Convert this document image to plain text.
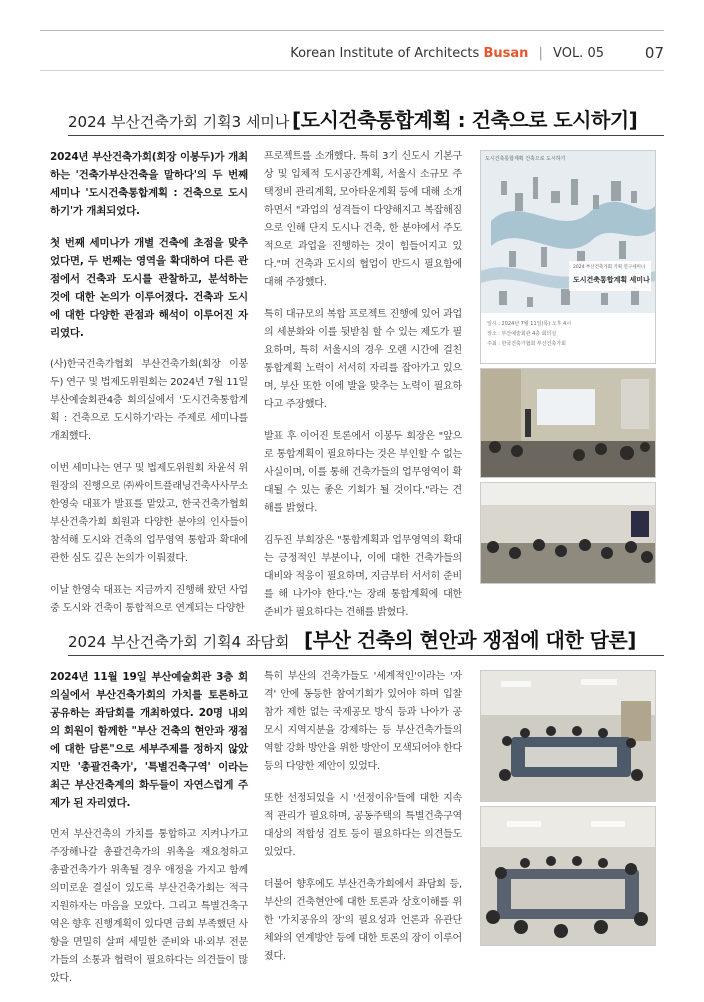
Korean Institute of Architects Busan | VOL. 05	07
2024 부산건축가회 기획3 세미나 [도시건축통합계획 : 건축으로 도시하기]

2024년 부산건축가회(회장 이봉두)가 개최하는 '건축가부산건축을 말하다'의 두 번째 세미나 '도시건축통합계획 : 건축으로 도시하기'가 개최되었다.

첫 번째 세미나가 개별 건축에 초점을 맞추었다면, 두 번째는 영역을 확대하여 다른 관점에서 건축과 도시를 관찰하고, 분석하는 것에 대한 논의가 이루어졌다. 건축과 도시에 대한 다양한 관점과 해석이 이루어진 자리였다.

(사)한국건축가협회 부산건축가회(회장 이봉두) 연구 및 법제도위원회는 2024년 7월 11일 부산예술회관4층 회의실에서 '도시건축통합계획 : 건축으로 도시하기'라는 주제로 세미나를 개최했다.

이번 세미나는 연구 및 법제도위원회 차윤석 위원장의 진행으로 ㈜싸이트플래닝건축사사무소 한영숙 대표가 발표를 맡았고, 한국건축가협회 부산건축가회 회원과 다양한 분야의 인사들이 참석해 도시와 건축의 업무영역 통합과 확대에 관한 심도 깊은 논의가 이뤄졌다.

이날 한영숙 대표는 지금까지 진행해 왔던 사업 중 도시와 건축이 통합적으로 연계되는 다양한

프로젝트를 소개했다. 특히 3기 신도시 기본구상 및 입체적 도시공간계획, 서울시 소규모 주택정비 관리계획, 모아타운계획 등에 대해 소개하면서 "과업의 성격들이 다양해지고 복잡해짐으로 인해 단지 도시나 건축, 한 분야에서 주도적으로 과업을 진행하는 것이 힘들어지고 있다."며 건축과 도시의 협업이 반드시 필요함에 대해 주장했다.

특히 대규모의 복합 프로젝트 진행에 있어 과업의 세분화와 이를 뒷받침 할 수 있는 제도가 필요하며, 특히 서울시의 경우 오랜 시간에 걸친 통합계획 노력이 서서히 자리를 잡아가고 있으며, 부산 또한 이에 발을 맞추는 노력이 필요하다고 주장했다.

발표 후 이어진 토론에서 이봉두 회장은 "앞으로 통합계획이 필요하다는 것은 부인할 수 없는 사실이며, 이를 통해 건축가들의 업무영역이 확대될 수 있는 좋은 기회가 될 것이다."라는 견해를 밝혔다.

김두진 부회장은 "통합계획과 업무영역의 확대는 긍정적인 부분이나, 이에 대한 건축가들의 대비와 적응이 필요하며, 지금부터 서서히 준비를 해 나가야 한다."는 장래 통합계획에 대한 준비가 필요하다는 견해를 밝혔다.

도시건축통합계획 건축으로 도시하기
2024 부산건축가회 기획 연구세미나
도시건축통합계획 세미나
일시 : 2024년 7월 11일(목) 오후 4시
장소 : 부산예술회관 4층 회의실
주최 : 한국건축가협회 부산건축가회
2024 부산건축가회 기획4 좌담회 [부산 건축의 현안과 쟁점에 대한 담론]

2024년 11월 19일 부산예술회관 3층 회의실에서 부산건축가회의 가치를 토론하고 공유하는 좌담회를 개최하였다. 20명 내외의 회원이 함께한 "부산 건축의 현안과 쟁점에 대한 담론"으로 세부주제를 정하지 않았지만 '총괄건축가', '특별건축구역' 이라는 최근 부산건축계의 화두들이 자연스럽게 주제가 된 자리였다.

먼저 부산건축의 가치를 통합하고 지켜나가고 주장해나갈 총괄건축가의 위촉을 재요청하고 총괄건축가가 위촉될 경우 애정을 가지고 함께 의미로운 결실이 있도록 부산건축가회는 적극 지원하자는 마음을 모았다. 그리고 특별건축구역은 향후 진행계획이 있다면 금회 부족했던 사항을 면밀히 살펴 세밀한 준비와 내·외부 전문가들의 소통과 협력이 필요하다는 의견들이 많았다.

특히 부산의 건축가들도 '세계적인'이라는 '자격' 안에 동등한 참여기회가 있어야 하며 입찰참가 제한 없는 국제공모 방식 등과 나아가 공모시 지역지분을 강제하는 등 부산건축가들의 역할 강화 방안을 위한 방안이 모색되어야 한다 등의 다양한 제안이 있었다.

또한 선정되었을 시 '선정이유'들에 대한 지속적 관리가 필요하며, 공동주택의 특별건축구역 대상의 적합성 검토 등이 필요하다는 의견들도 있었다.

더불어 향후에도 부산건축가회에서 좌담회 등, 부산의 건축현안에 대한 토론과 상호이해를 위한 '가치공유의 장'의 필요성과 언론과 유관단체와의 연계방안 등에 대한 토론의 장이 이루어졌다.
